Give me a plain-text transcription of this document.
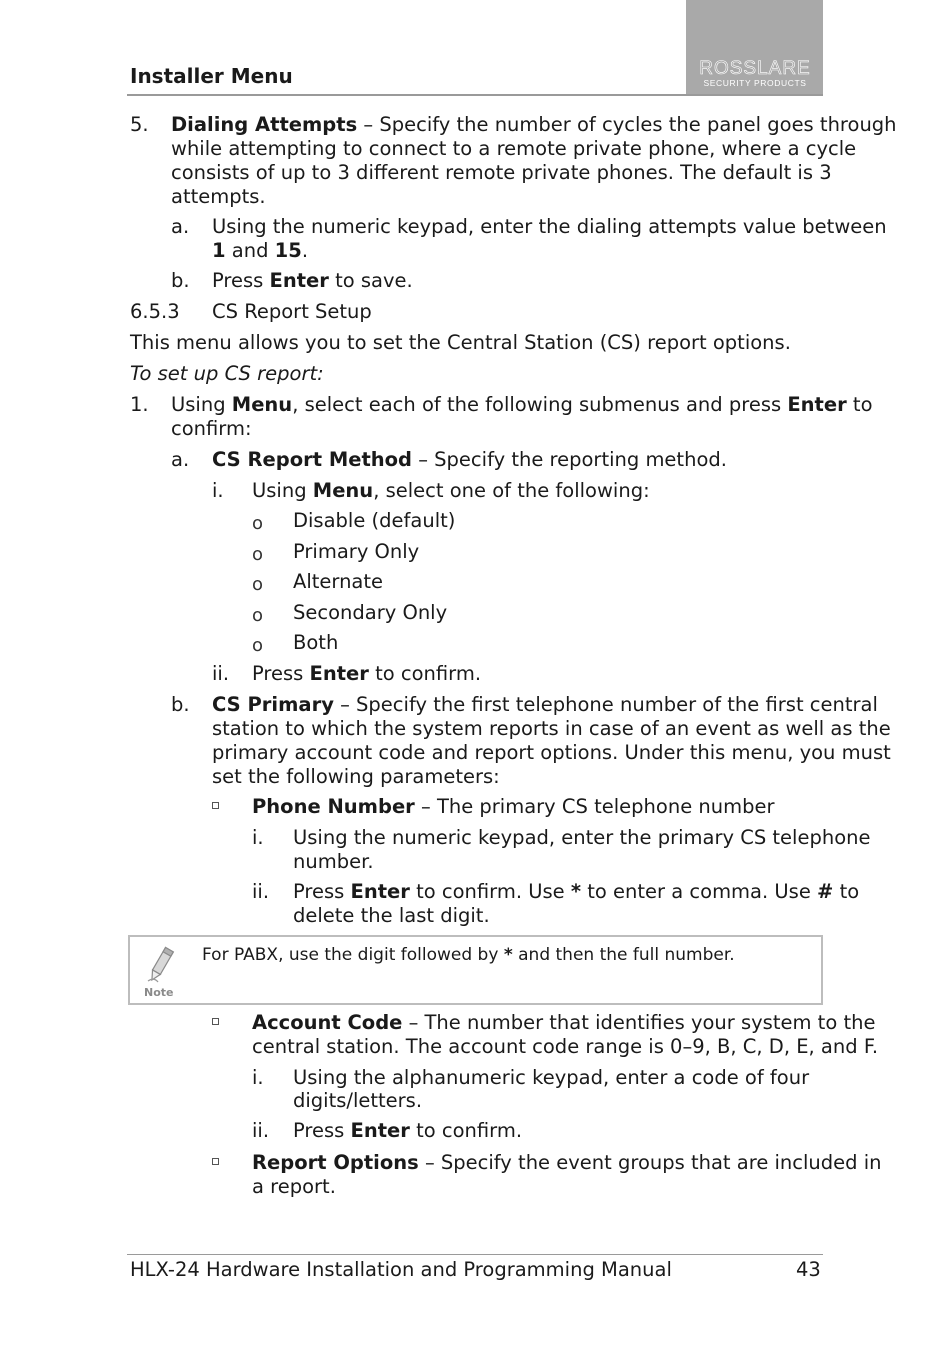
ROSSLARE
SECURITY PRODUCTS
Installer Menu
5. Dialing Attempts – Specify the number of cycles the panel goes through
while attempting to connect to a remote private phone, where a cycle
consists of up to 3 different remote private phones. The default is 3
attempts.
a. Using the numeric keypad, enter the dialing attempts value between
1 and 15.
b. Press Enter to save.
6.5.3 CS Report Setup
This menu allows you to set the Central Station (CS) report options.
To set up CS report:
1. Using Menu, select each of the following submenus and press Enter to
confirm:
a. CS Report Method – Specify the reporting method.
i. Using Menu, select one of the following:
o Disable (default)
o Primary Only
o Alternate
o Secondary Only
o Both
ii. Press Enter to confirm.
b. CS Primary – Specify the first telephone number of the first central
station to which the system reports in case of an event as well as the
primary account code and report options. Under this menu, you must
set the following parameters:
Phone Number – The primary CS telephone number
i. Using the numeric keypad, enter the primary CS telephone
number.
ii. Press Enter to confirm. Use * to enter a comma. Use # to
delete the last digit.
Note
For PABX, use the digit followed by * and then the full number.
Account Code – The number that identifies your system to the
central station. The account code range is 0–9, B, C, D, E, and F.
i. Using the alphanumeric keypad, enter a code of four
digits/letters.
ii. Press Enter to confirm.
Report Options – Specify the event groups that are included in
a report.
HLX-24 Hardware Installation and Programming Manual	43
